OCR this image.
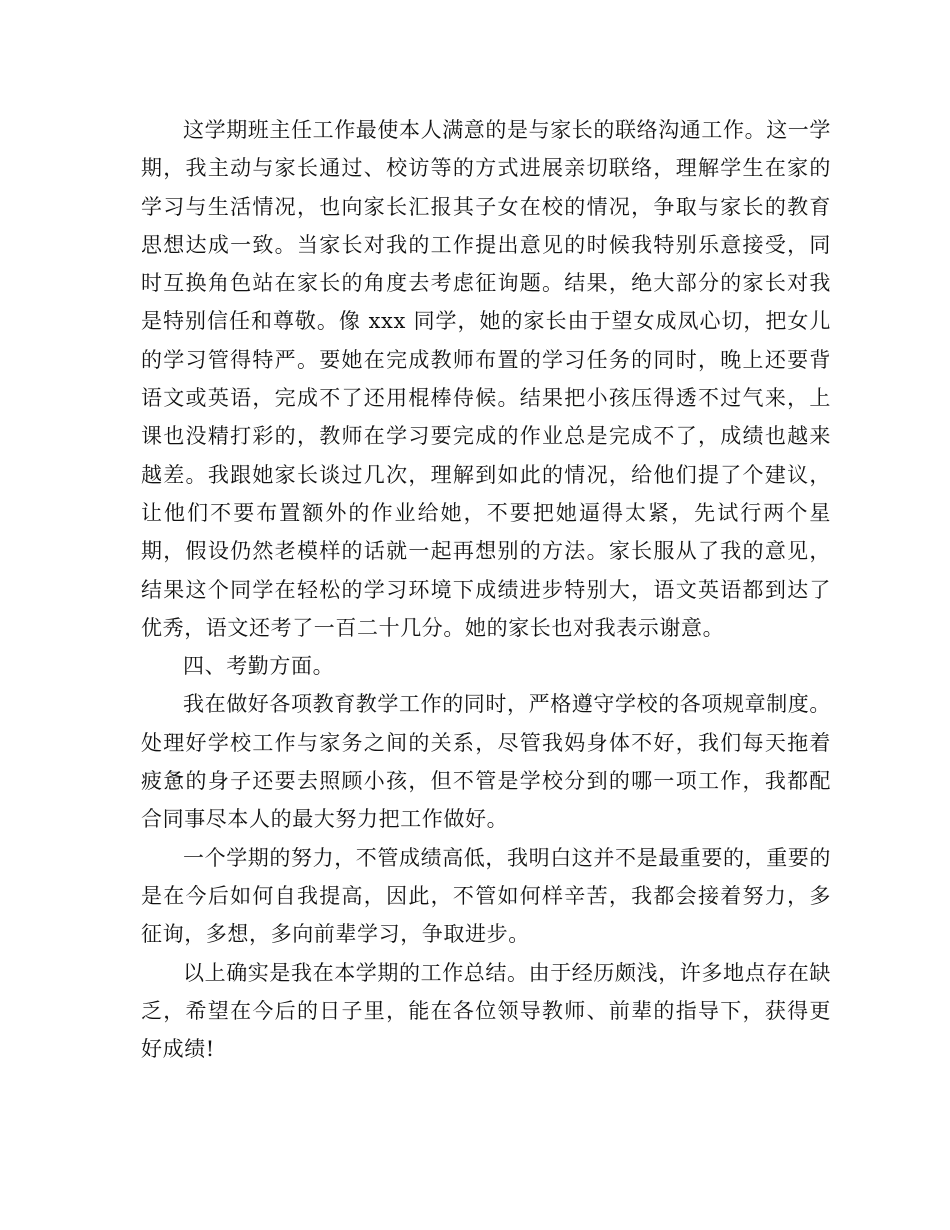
这学期班主任工作最使本人满意的是与家长的联络沟通工作。这一学期，我主动与家长通过、校访等的方式进展亲切联络，理解学生在家的学习与生活情况，也向家长汇报其子女在校的情况，争取与家长的教育思想达成一致。当家长对我的工作提出意见的时候我特别乐意接受，同时互换角色站在家长的角度去考虑征询题。结果，绝大部分的家长对我是特别信任和尊敬。像 xxx 同学，她的家长由于望女成凤心切，把女儿的学习管得特严。要她在完成教师布置的学习任务的同时，晚上还要背语文或英语，完成不了还用棍棒侍候。结果把小孩压得透不过气来，上课也没精打彩的，教师在学习要完成的作业总是完成不了，成绩也越来越差。我跟她家长谈过几次，理解到如此的情况，给他们提了个建议，让他们不要布置额外的作业给她，不要把她逼得太紧，先试行两个星期，假设仍然老模样的话就一起再想别的方法。家长服从了我的意见，结果这个同学在轻松的学习环境下成绩进步特别大，语文英语都到达了优秀，语文还考了一百二十几分。她的家长也对我表示谢意。

四、考勤方面。

我在做好各项教育教学工作的同时，严格遵守学校的各项规章制度。处理好学校工作与家务之间的关系，尽管我妈身体不好，我们每天拖着疲惫的身子还要去照顾小孩，但不管是学校分到的哪一项工作，我都配合同事尽本人的最大努力把工作做好。

一个学期的努力，不管成绩高低，我明白这并不是最重要的，重要的是在今后如何自我提高，因此，不管如何样辛苦，我都会接着努力，多征询，多想，多向前辈学习，争取进步。

以上确实是我在本学期的工作总结。由于经历颇浅，许多地点存在缺乏，希望在今后的日子里，能在各位领导教师、前辈的指导下，获得更好成绩!
